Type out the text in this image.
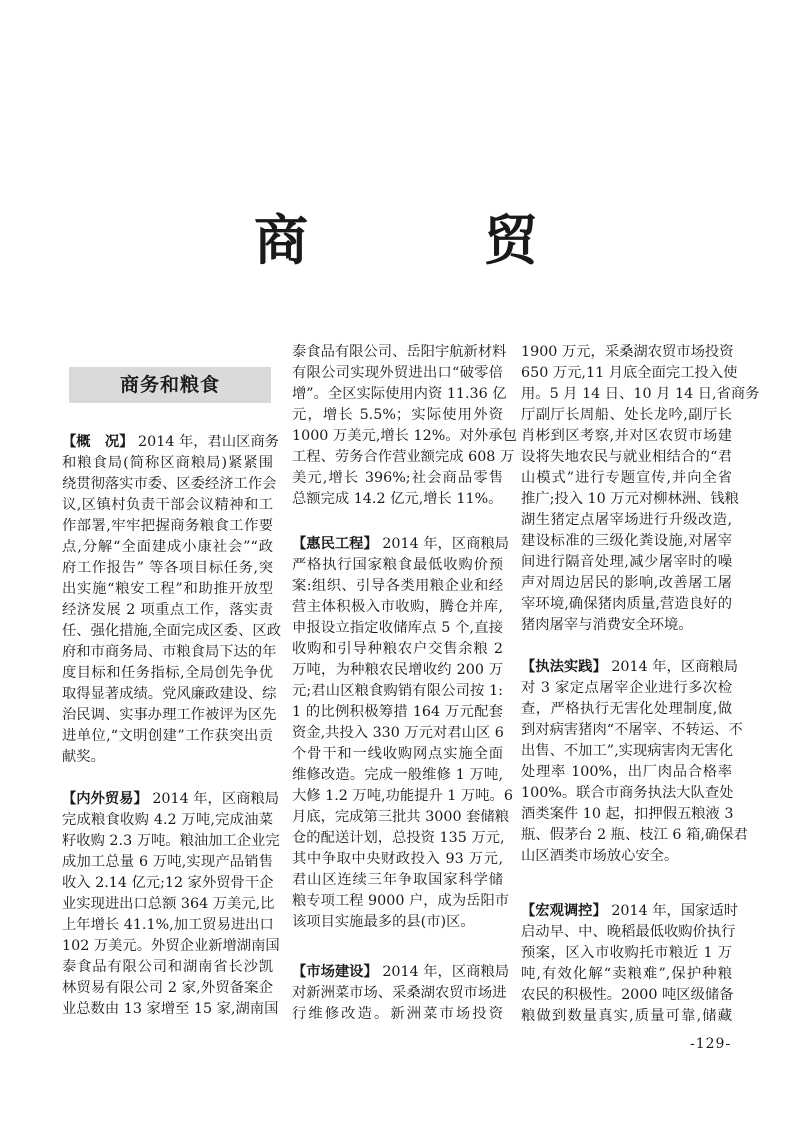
商	贸
商务和粮食
【概　况】 2014 年，君山区商务
和粮食局(简称区商粮局)紧紧围
绕贯彻落实市委、区委经济工作会
议,区镇村负责干部会议精神和工
作部署,牢牢把握商务粮食工作要
点,分解“全面建成小康社会”“政
府工作报告” 等各项目标任务,突
出实施“粮安工程”和助推开放型
经济发展 2 项重点工作，落实责
任、强化措施,全面完成区委、区政
府和市商务局、市粮食局下达的年
度目标和任务指标,全局创先争优
取得显著成绩。党风廉政建设、综
治民调、实事办理工作被评为区先
进单位,“文明创建”工作获突出贡
献奖。
【内外贸易】 2014 年，区商粮局
完成粮食收购 4.2 万吨,完成油菜
籽收购 2.3 万吨。粮油加工企业完
成加工总量 6 万吨,实现产品销售
收入 2.14 亿元;12 家外贸骨干企
业实现进出口总额 364 万美元,比
上年增长 41.1%,加工贸易进出口
102 万美元。外贸企业新增湖南国
泰食品有限公司和湖南省长沙凯
林贸易有限公司 2 家,外贸备案企
业总数由 13 家增至 15 家,湖南国
泰食品有限公司、岳阳宇航新材料
有限公司实现外贸进出口“破零倍
增”。全区实际使用内资 11.36 亿
元，增长 5.5%；实际使用外资
1000 万美元,增长 12%。对外承包
工程、劳务合作营业额完成 608 万
美元,增长 396%;社会商品零售
总额完成 14.2 亿元,增长 11%。
【惠民工程】 2014 年，区商粮局
严格执行国家粮食最低收购价预
案:组织、引导各类用粮企业和经
营主体积极入市收购，腾仓并库,
申报设立指定收储库点 5 个,直接
收购和引导种粮农户交售余粮 2
万吨，为种粮农民增收约 200 万
元;君山区粮食购销有限公司按 1:
1 的比例积极筹措 164 万元配套
资金,共投入 330 万元对君山区 6
个骨干和一线收购网点实施全面
维修改造。完成一般维修 1 万吨,
大修 1.2 万吨,功能提升 1 万吨。6
月底，完成第三批共 3000 套储粮
仓的配送计划，总投资 135 万元,
其中争取中央财政投入 93 万元,
君山区连续三年争取国家科学储
粮专项工程 9000 户，成为岳阳市
该项目实施最多的县(市)区。
【市场建设】 2014 年，区商粮局
对新洲菜市场、采桑湖农贸市场进
行维修改造。新洲菜市场投资
1900 万元，采桑湖农贸市场投资
650 万元,11 月底全面完工投入使
用。5 月 14 日、10 月 14 日,省商务
厅副厅长周船、处长龙吟,副厅长
肖彬到区考察,并对区农贸市场建
设将失地农民与就业相结合的“君
山模式”进行专题宣传,并向全省
推广;投入 10 万元对柳林洲、钱粮
湖生猪定点屠宰场进行升级改造,
建设标准的三级化粪设施,对屠宰
间进行隔音处理,减少屠宰时的噪
声对周边居民的影响,改善屠工屠
宰环境,确保猪肉质量,营造良好的
猪肉屠宰与消费安全环境。
【执法实践】 2014 年，区商粮局
对 3 家定点屠宰企业进行多次检
查，严格执行无害化处理制度,做
到对病害猪肉“不屠宰、不转运、不
出售、不加工”,实现病害肉无害化
处理率 100%，出厂肉品合格率
100%。联合市商务执法大队查处
酒类案件 10 起，扣押假五粮液 3
瓶、假茅台 2 瓶、枝江 6 箱,确保君
山区酒类市场放心安全。
【宏观调控】 2014 年，国家适时
启动早、中、晚稻最低收购价执行
预案，区入市收购托市粮近 1 万
吨,有效化解“卖粮难”,保护种粮
农民的积极性。2000 吨区级储备
粮做到数量真实,质量可靠,储藏
-129-
